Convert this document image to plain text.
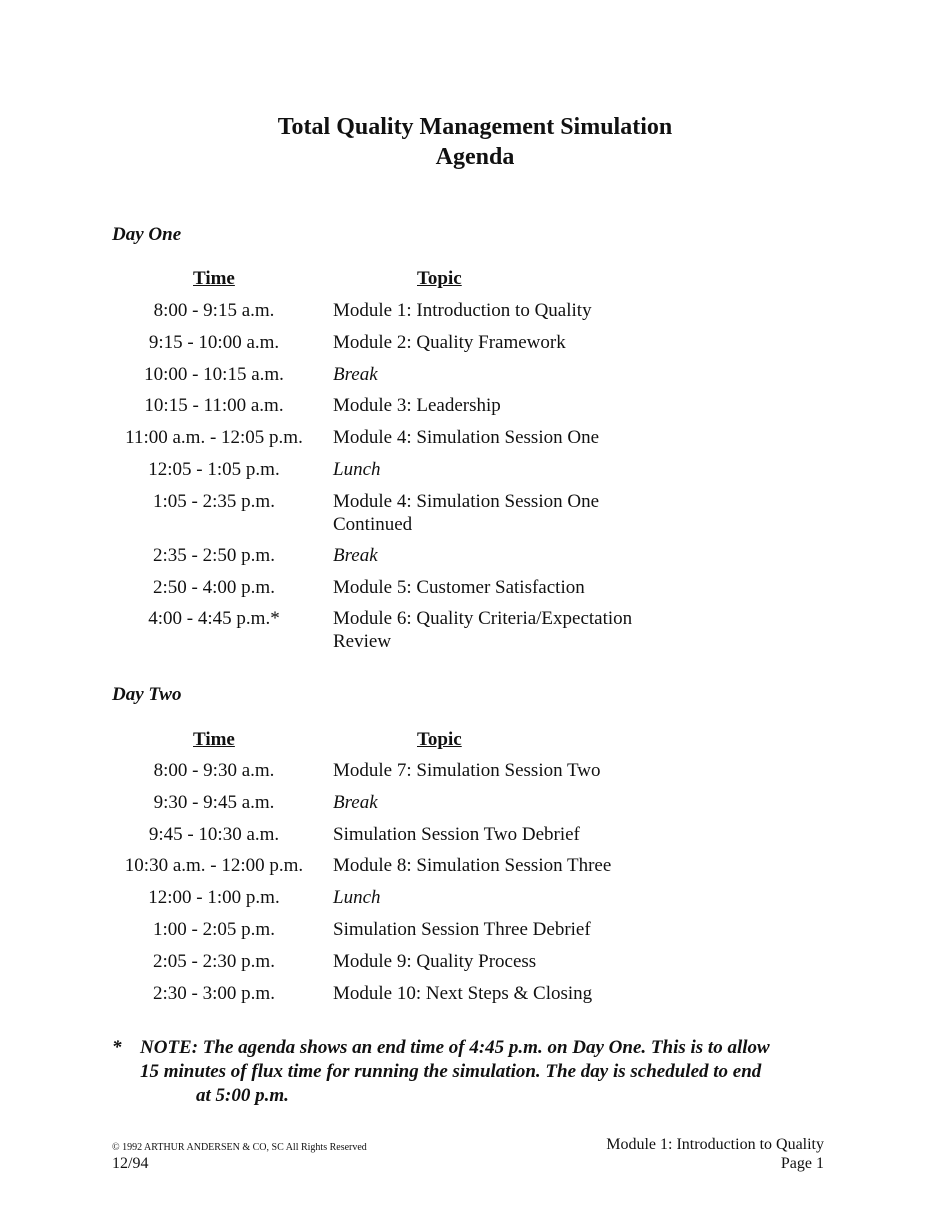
Total Quality Management Simulation
Agenda
Day One
Time	Topic
8:00 - 9:15 a.m.	Module 1: Introduction to Quality
9:15 - 10:00 a.m.	Module 2: Quality Framework
10:00 - 10:15 a.m.	Break
10:15 - 11:00 a.m.	Module 3: Leadership
11:00 a.m. - 12:05 p.m.	Module 4: Simulation Session One
12:05 - 1:05 p.m.	Lunch
1:05 - 2:35 p.m.	Module 4: Simulation Session One Continued
2:35 - 2:50 p.m.	Break
2:50 - 4:00 p.m.	Module 5: Customer Satisfaction
4:00 - 4:45 p.m.*	Module 6: Quality Criteria/Expectation Review
Day Two
Time	Topic
8:00 - 9:30 a.m.	Module 7: Simulation Session Two
9:30 - 9:45 a.m.	Break
9:45 - 10:30 a.m.	Simulation Session Two Debrief
10:30 a.m. - 12:00 p.m.	Module 8: Simulation Session Three
12:00 - 1:00 p.m.	Lunch
1:00 - 2:05 p.m.	Simulation Session Three Debrief
2:05 - 2:30 p.m.	Module 9: Quality Process
2:30 - 3:00 p.m.	Module 10: Next Steps & Closing
* NOTE: The agenda shows an end time of 4:45 p.m. on Day One. This is to allow
15 minutes of flux time for running the simulation. The day is scheduled to end
at 5:00 p.m.
© 1992 ARTHUR ANDERSEN & CO, SC All Rights Reserved
12/94
Module 1: Introduction to Quality
Page 1
